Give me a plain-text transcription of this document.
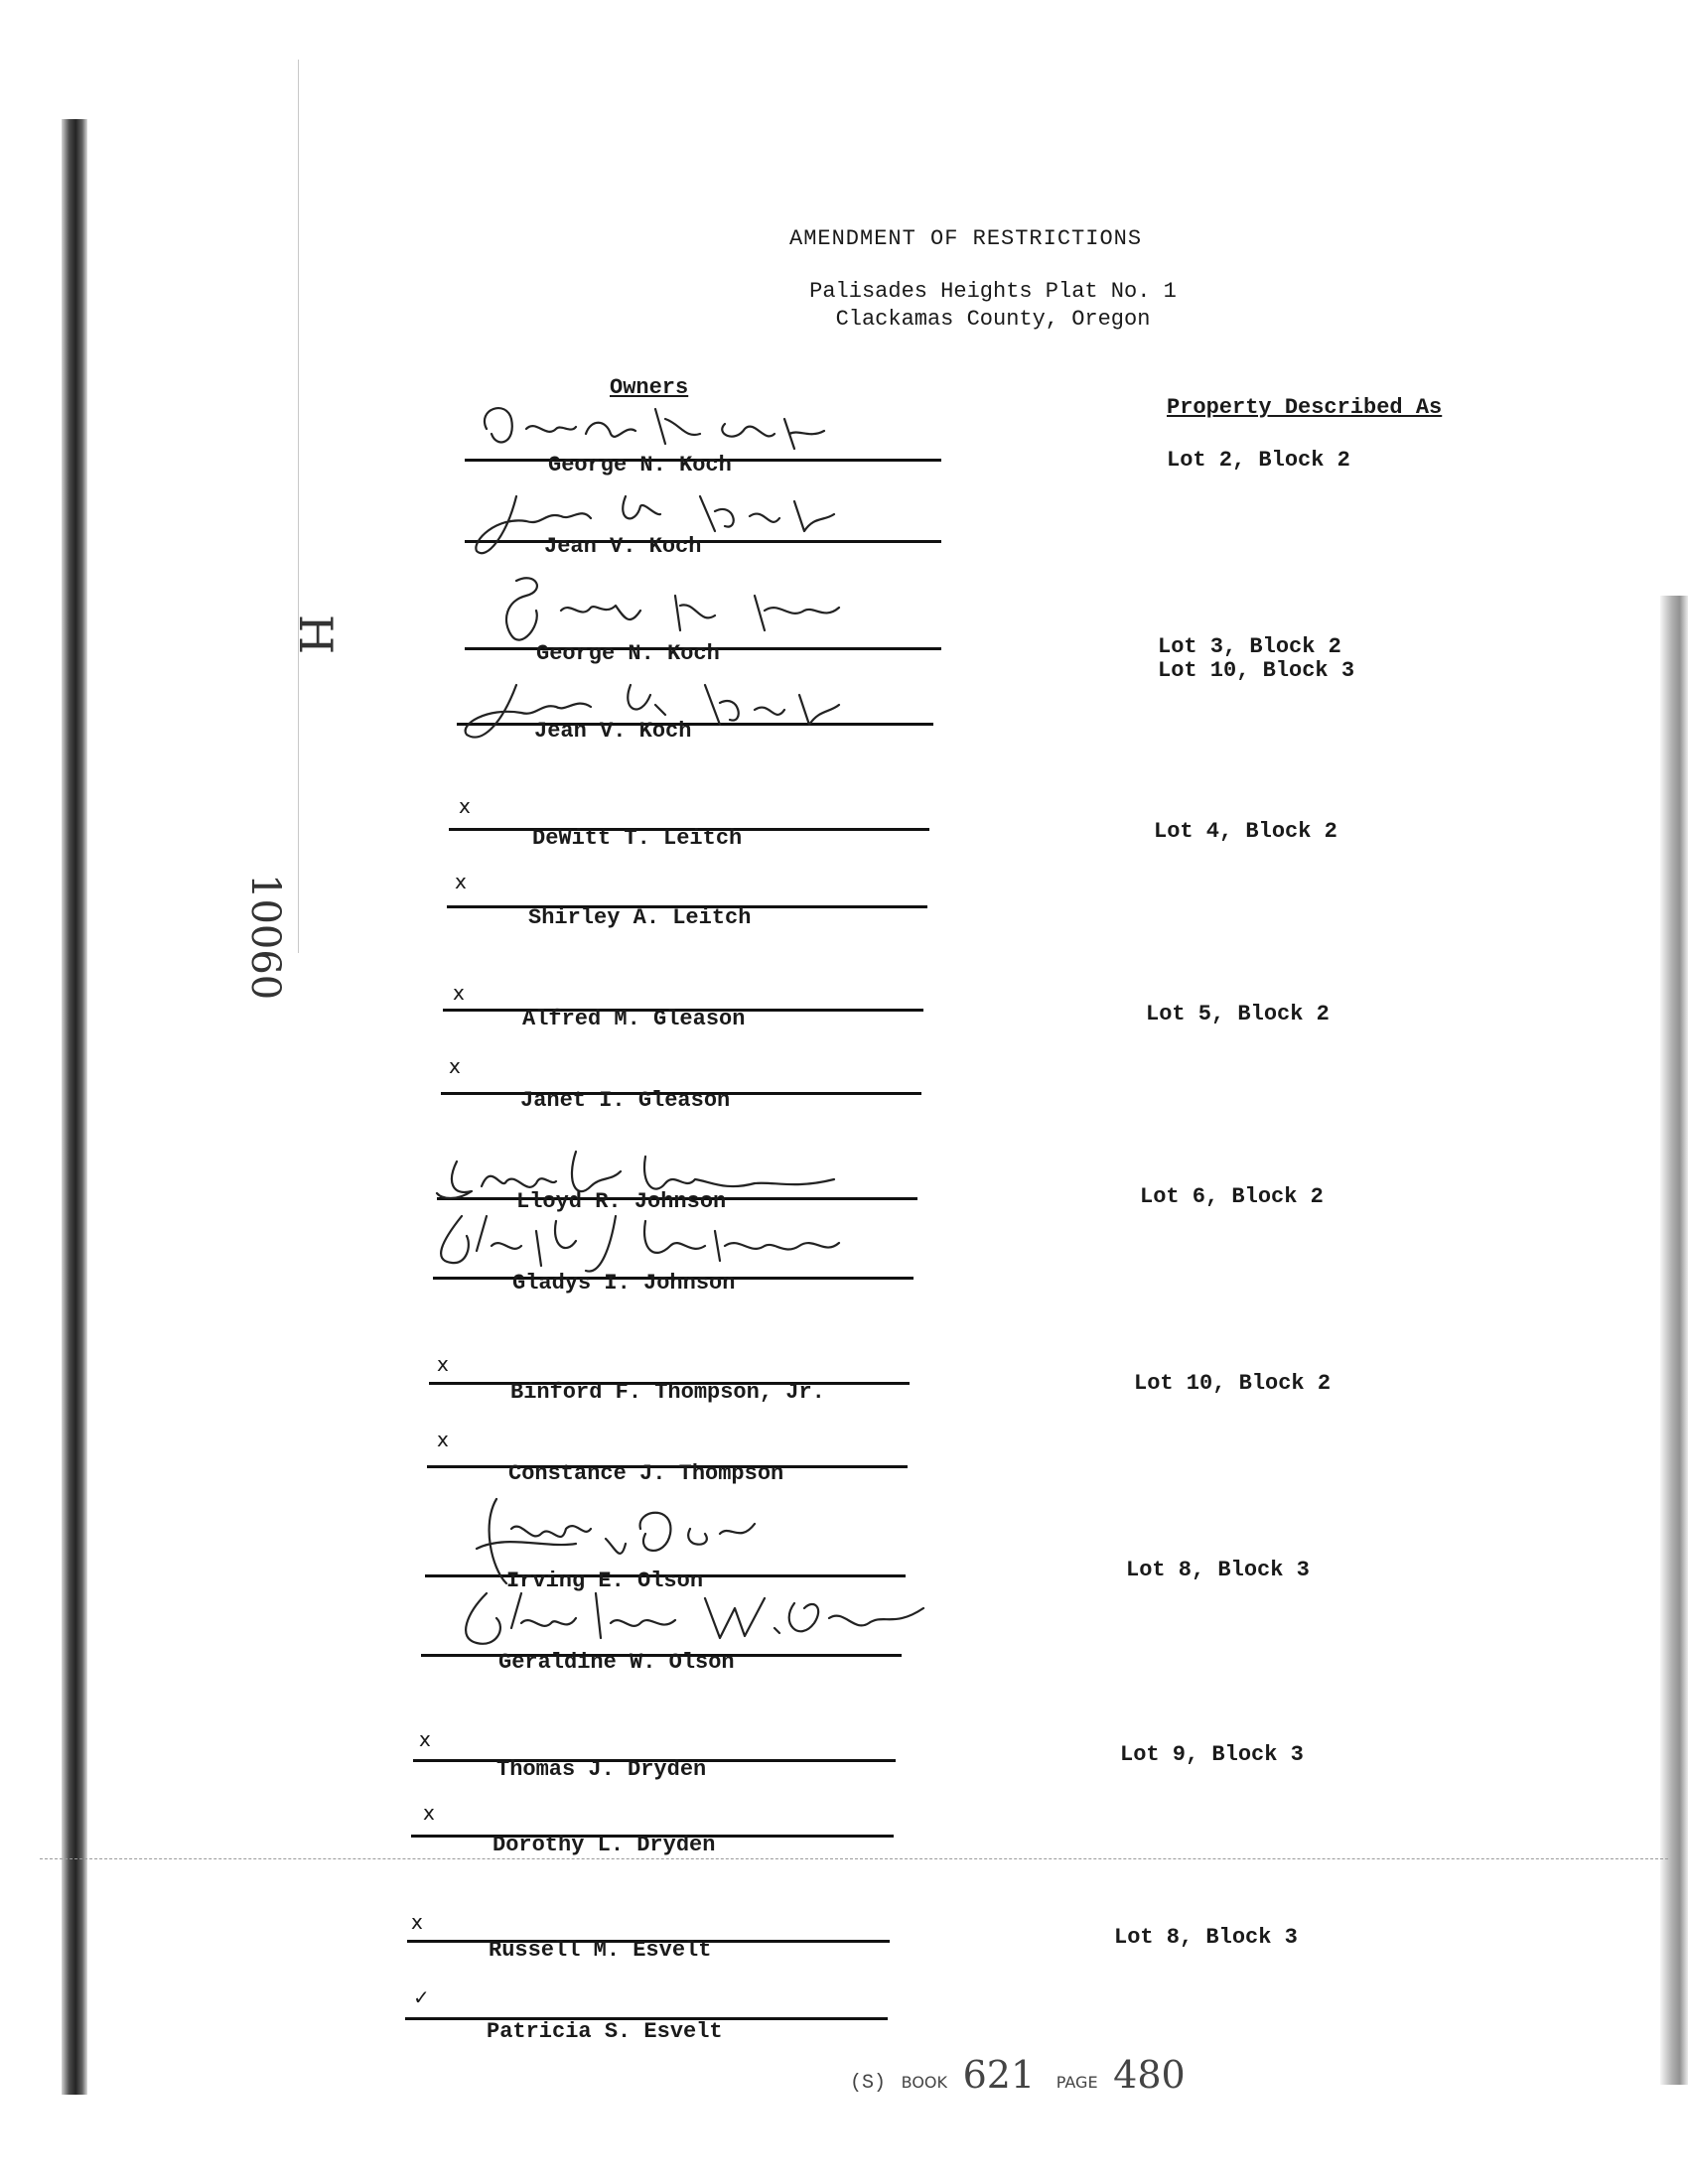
AMENDMENT OF RESTRICTIONS
Palisades Heights Plat No. 1
Clackamas County, Oregon
Owners
Property Described As
H
10060
George N. Koch
Jean V. Koch
George N. Koch
Jean V. Koch
x
DeWitt T. Leitch
x
Shirley A. Leitch
x
Alfred M. Gleason
x
Janet I. Gleason
Lloyd R. Johnson
Gladys I. Johnson
x
Binford F. Thompson, Jr.
x
Constance J. Thompson
Irving E. Olson
Geraldine W. Olson
x
Thomas J. Dryden
x
Dorothy L. Dryden
x
Russell M. Esvelt
✓
Patricia S. Esvelt
Lot 2, Block 2
Lot 3, Block 2
Lot 10, Block 3
Lot 4, Block 2
Lot 5, Block 2
Lot 6, Block 2
Lot 10, Block 2
Lot 8, Block 3
Lot 9, Block 3
Lot 8, Block 3
(S) BOOK 621 PAGE 480
